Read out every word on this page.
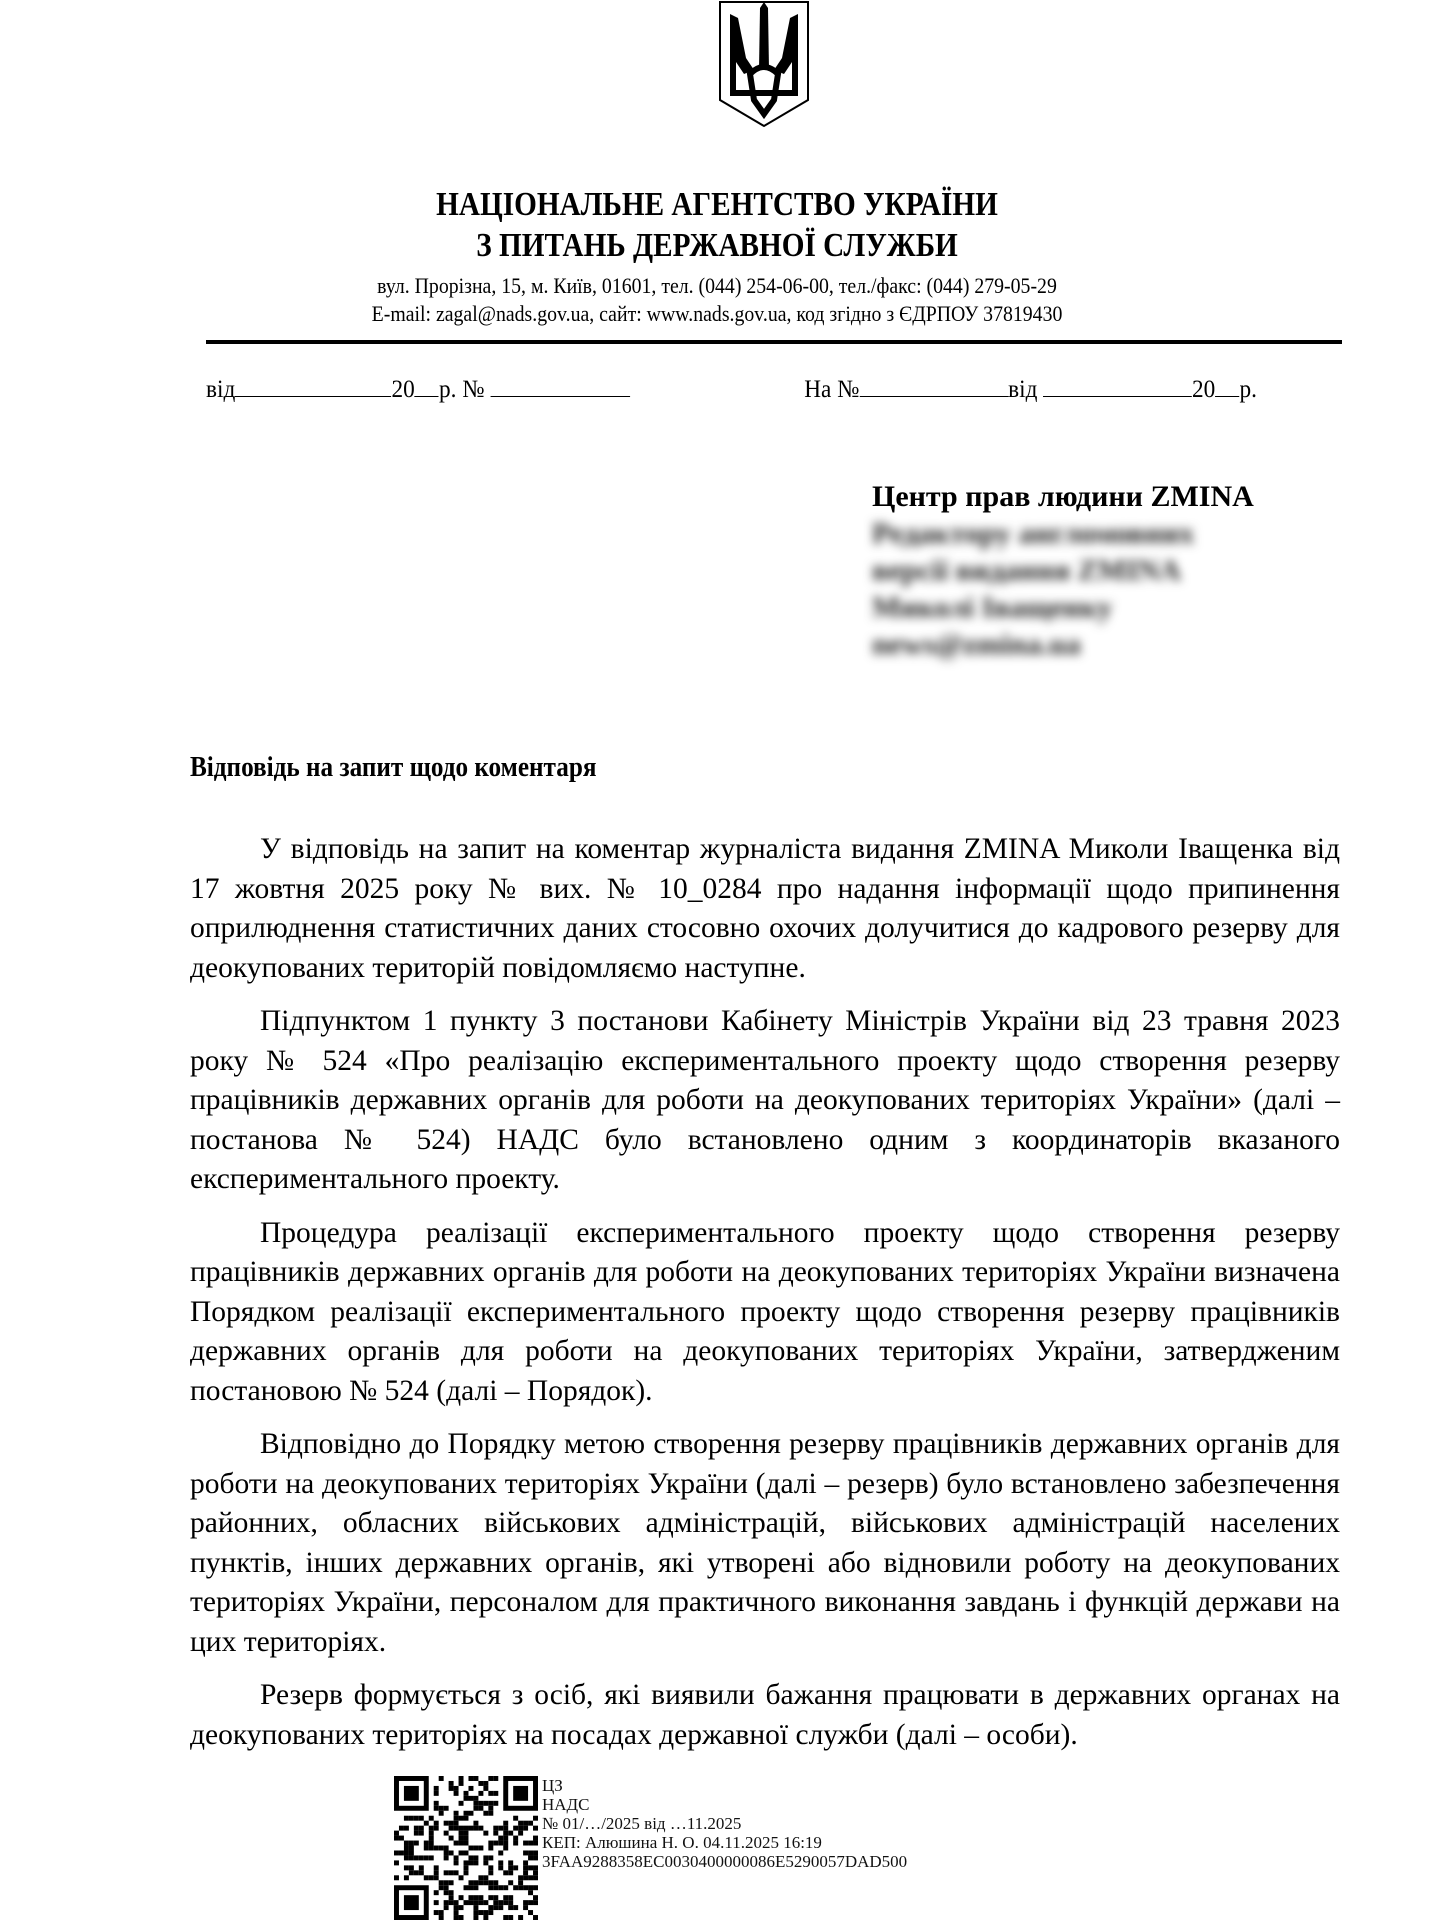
НАЦІОНАЛЬНЕ АГЕНТСТВО УКРАЇНИ
З ПИТАНЬ ДЕРЖАВНОЇ СЛУЖБИ
вул. Прорізна, 15, м. Київ, 01601, тел. (044) 254-06-00, тел./факс: (044) 279-05-29
E-mail: zagal@nads.gov.ua, сайт: www.nads.gov.ua, код згідно з ЄДРПОУ 37819430
від	20 р. №	На №	від	20 р.
Центр прав людини ZMINA
Редактору англомовних
версії видання ZMINA
Миколі Іващенку
news@zmina.ua
Відповідь на запит щодо коментаря

У відповідь на запит на коментар журналіста видання ZMINA Миколи Іващенка від 17 жовтня 2025 року № вих. № 10_0284 про надання інформації щодо припинення оприлюднення статистичних даних стосовно охочих долучитися до кадрового резерву для деокупованих територій повідомляємо наступне.

Підпунктом 1 пункту 3 постанови Кабінету Міністрів України від 23 травня 2023 року № 524 «Про реалізацію експериментального проекту щодо створення резерву працівників державних органів для роботи на деокупованих територіях України» (далі – постанова № 524) НАДС було встановлено одним з координаторів вказаного експериментального проекту.

Процедура реалізації експериментального проекту щодо створення резерву працівників державних органів для роботи на деокупованих територіях України визначена Порядком реалізації експериментального проекту щодо створення резерву працівників державних органів для роботи на деокупованих територіях України, затвердженим постановою № 524 (далі – Порядок).

Відповідно до Порядку метою створення резерву працівників державних органів для роботи на деокупованих територіях України (далі – резерв) було встановлено забезпечення районних, обласних військових адміністрацій, військових адміністрацій населених пунктів, інших державних органів, які утворені або відновили роботу на деокупованих територіях України, персоналом для практичного виконання завдань і функцій держави на цих територіях.

Резерв формується з осіб, які виявили бажання працювати в державних органах на деокупованих територіях на посадах державної служби (далі – особи).

ЦЗ
НАДС
№ 01/…/2025 від …11.2025
КЕП: Алюшина Н. О. 04.11.2025 16:19
3FAA9288358EC0030400000086E5290057DAD500
